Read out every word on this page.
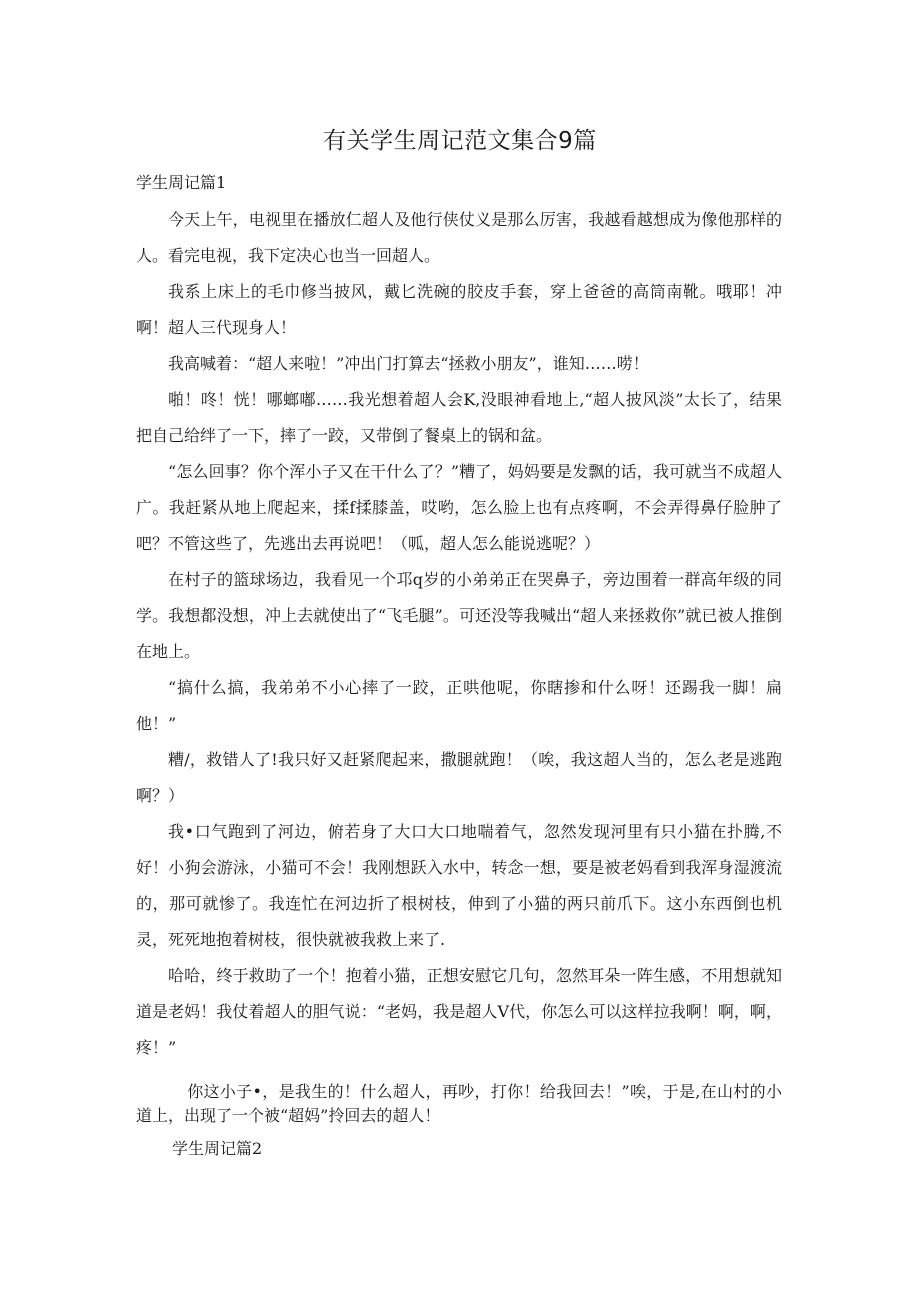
有关学生周记范文集合9篇
学生周记篇1
今天上午，电视里在播放仁超人及他行侠仗义是那么厉害，我越看越想成为像他那样的人。看完电视，我下定决心也当一回超人。
我系上床上的毛巾修当披风，戴匕洗碗的胶皮手套，穿上爸爸的高筒南靴。哦耶！冲啊！超人三代现身人！
我高喊着：“超人来啦！”冲出门打算去“拯救小朋友”，谁知……唠！
啪！咚！恍！哪螂嘟……我光想着超人会K,没眼神看地上,“超人披风淡”太长了，结果把自己给绊了一下，摔了一跤，又带倒了餐桌上的锅和盆。
“怎么回事？你个浑小子又在干什么了？”糟了，妈妈要是发飘的话，我可就当不成超人广。我赶紧从地上爬起来，揉f揉膝盖，哎哟，怎么脸上也有点疼啊，不会弄得鼻仔脸肿了吧？不管这些了，先逃出去再说吧！（呱，超人怎么能说逃呢？）
在村子的篮球场边，我看见一个邛q岁的小弟弟正在哭鼻子，旁边围着一群高年级的同学。我想都没想，冲上去就使出了“飞毛腿”。可还没等我喊出“超人来拯救你”就已被人推倒在地上。
“搞什么搞，我弟弟不小心摔了一跤，正哄他呢，你瞎掺和什么呀！还踢我一脚！扁他！”
糟/，救错人了!我只好又赶紧爬起来，撒腿就跑！（唉，我这超人当的，怎么老是逃跑啊？）
我•口气跑到了河边，俯若身了大口大口地喘着气，忽然发现河里有只小猫在扑腾,不好！小狗会游泳，小猫可不会！我刚想跃入水中，转念一想，要是被老妈看到我浑身湿渡流的，那可就惨了。我连忙在河边折了根树枝，伸到了小猫的两只前爪下。这小东西倒也机灵，死死地抱着树枝，很快就被我救上来了.
哈哈，终于救助了一个！抱着小猫，正想安慰它几句，忽然耳朵一阵生感，不用想就知道是老妈！我仗着超人的胆气说：“老妈，我是超人V代，你怎么可以这样拉我啊！啊，啊，疼！”
你这小子•，是我生的！什么超人，再吵，打你！给我回去！”唉，于是,在山村的小道上，出现了一个被“超妈”拎回去的超人！
学生周记篇2
